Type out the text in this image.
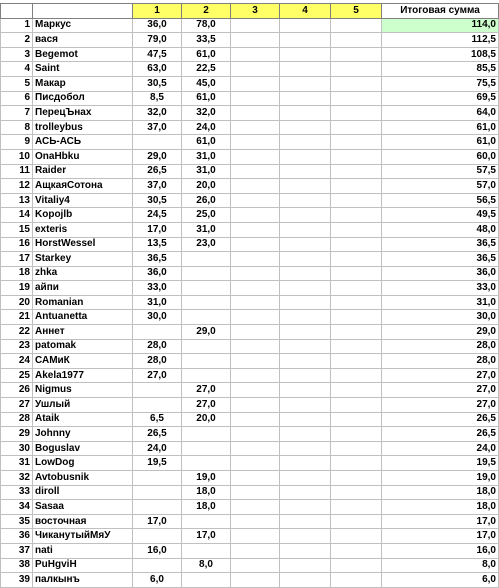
		1	2	3	4	5	Итоговая сумма
1	Маркус	36,0	78,0				114,0
2	вася	79,0	33,5				112,5
3	Begemot	47,5	61,0				108,5
4	Saint	63,0	22,5				85,5
5	Макар	30,5	45,0				75,5
6	Писдобол	8,5	61,0				69,5
7	ПерецЪнах	32,0	32,0				64,0
8	trolleybus	37,0	24,0				61,0
9	АСЬ-АСЬ		61,0				61,0
10	OnaHbku	29,0	31,0				60,0
11	Raider	26,5	31,0				57,5
12	АщкаяСотона	37,0	20,0				57,0
13	Vitaliy4	30,5	26,0				56,5
14	Kopojlb	24,5	25,0				49,5
15	exteris	17,0	31,0				48,0
16	HorstWessel	13,5	23,0				36,5
17	Starkey	36,5					36,5
18	zhka	36,0					36,0
19	айпи	33,0					33,0
20	Romanian	31,0					31,0
21	Antuanetta	30,0					30,0
22	Аннет		29,0				29,0
23	patomak	28,0					28,0
24	САМиК	28,0					28,0
25	Akela1977	27,0					27,0
26	Nigmus		27,0				27,0
27	Ушлый		27,0				27,0
28	Ataik	6,5	20,0				26,5
29	Johnny	26,5					26,5
30	Boguslav	24,0					24,0
31	LowDog	19,5					19,5
32	Avtobusnik		19,0				19,0
33	diroll		18,0				18,0
34	Sasaa		18,0				18,0
35	восточная	17,0					17,0
36	ЧиканутыйМяУ		17,0				17,0
37	nati	16,0					16,0
38	PuHgviH		8,0				8,0
39	палкынъ	6,0					6,0
